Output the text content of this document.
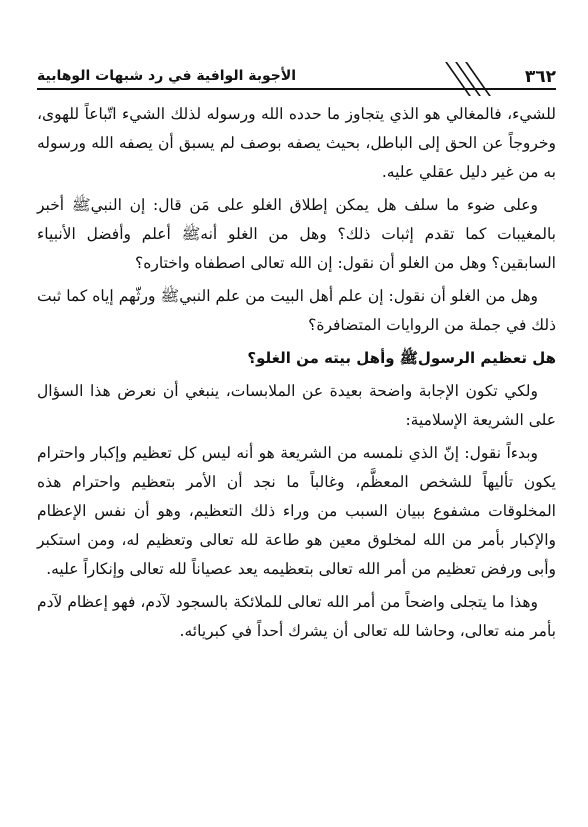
٣٦٢
الأجوبة الوافية في رد شبهات الوهابية

للشيء، فالمغالي هو الذي يتجاوز ما حدده الله ورسوله لذلك الشيء اتّباعاً للهوى، وخروجاً عن الحق إلى الباطل، بحيث يصفه بوصف لم يسبق أن يصفه الله ورسوله به من غير دليل عقلي عليه.

وعلى ضوء ما سلف هل يمكن إطلاق الغلو على مَن قال: إن النبيﷺ أخبر بالمغيبات كما تقدم إثبات ذلك؟ وهل من الغلو أنهﷺ أعلم وأفضل الأنبياء السابقين؟ وهل من الغلو أن نقول: إن الله تعالى اصطفاه واختاره؟

وهل من الغلو أن نقول: إن علم أهل البيت من علم النبيﷺ ورثّهم إياه كما ثبت ذلك في جملة من الروايات المتضافرة؟

هل تعظيم الرسولﷺ وأهل بيته من الغلو؟

ولكي تكون الإجابة واضحة بعيدة عن الملابسات، ينبغي أن نعرض هذا السؤال على الشريعة الإسلامية:

وبدءاً نقول: إنّ الذي نلمسه من الشريعة هو أنه ليس كل تعظيم وإكبار واحترام يكون تأليهاً للشخص المعظَّم، وغالباً ما نجد أن الأمر بتعظيم واحترام هذه المخلوقات مشفوع ببيان السبب من وراء ذلك التعظيم، وهو أن نفس الإعظام والإكبار بأمر من الله لمخلوق معين هو طاعة لله تعالى وتعظيم له، ومن استكبر وأبى ورفض تعظيم من أمر الله تعالى بتعظيمه يعد عصياناً لله تعالى وإنكاراً عليه.

وهذا ما يتجلى واضحاً من أمر الله تعالى للملائكة بالسجود لآدم، فهو إعظام لآدم بأمر منه تعالى، وحاشا لله تعالى أن يشرك أحداً في كبريائه.
